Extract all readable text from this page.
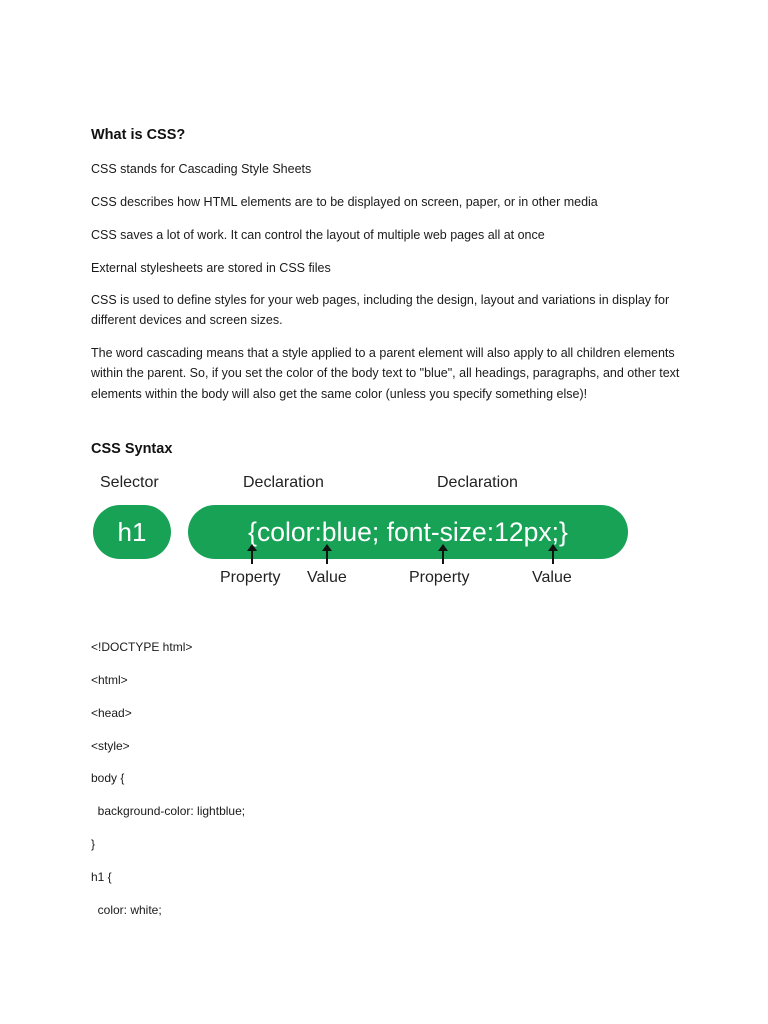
What is CSS?
CSS stands for Cascading Style Sheets
CSS describes how HTML elements are to be displayed on screen, paper, or in other media
CSS saves a lot of work. It can control the layout of multiple web pages all at once
External stylesheets are stored in CSS files
CSS is used to define styles for your web pages, including the design, layout and variations in display for different devices and screen sizes.
The word cascading means that a style applied to a parent element will also apply to all children elements within the parent. So, if you set the color of the body text to "blue", all headings, paragraphs, and other text elements within the body will also get the same color (unless you specify something else)!
CSS Syntax
Selector	Declaration	Declaration
h1	{color:blue; font-size:12px;}
Property Value	Property	Value
<!DOCTYPE html>
<html>
<head>
<style>
body {
background-color: lightblue;
}
h1 {
color: white;
